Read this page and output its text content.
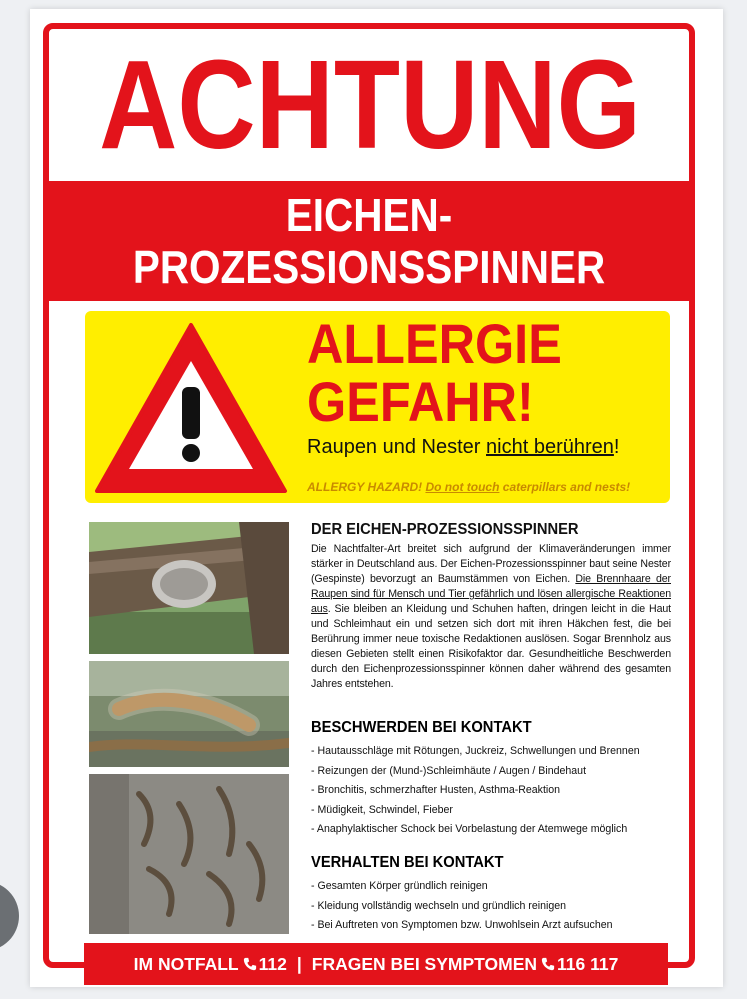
ACHTUNG
EICHEN-
PROZESSIONSSPINNER
ALLERGIE
GEFAHR!
Raupen und Nester nicht berühren!
ALLERGY HAZARD! Do not touch caterpillars and nests!
DER EICHEN-PROZESSIONSSPINNER

Die Nachtfalter-Art breitet sich aufgrund der Klimaveränderungen immer stärker in Deutschland aus. Der Eichen-Prozessionsspinner baut seine Nester (Gespinste) bevorzugt an Baumstämmen von Eichen. Die Brennhaare der Raupen sind für Mensch und Tier gefährlich und lösen allergische Reaktionen aus. Sie bleiben an Kleidung und Schuhen haften, dringen leicht in die Haut und Schleimhaut ein und setzen sich dort mit ihren Häkchen fest, die bei Berührung immer neue toxische Redaktionen auslösen. Sogar Brennholz aus diesen Gebieten stellt einen Risikofaktor dar. Gesundheitliche Beschwerden durch den Eichenprozessionsspinner können daher während des gesamten Jahres entstehen.

BESCHWERDEN BEI KONTAKT
- Hautausschläge mit Rötungen, Juckreiz, Schwellungen und Brennen
- Reizungen der (Mund-)Schleimhäute / Augen / Bindehaut
- Bronchitis, schmerzhafter Husten, Asthma-Reaktion
- Müdigkeit, Schwindel, Fieber
- Anaphylaktischer Schock bei Vorbelastung der Atemwege möglich
VERHALTEN BEI KONTAKT
- Gesamten Körper gründlich reinigen
- Kleidung vollständig wechseln und gründlich reinigen
- Bei Auftreten von Symptomen bzw. Unwohlsein Arzt aufsuchen
IM NOTFALL 112 | FRAGEN BEI SYMPTOMEN 116 117
